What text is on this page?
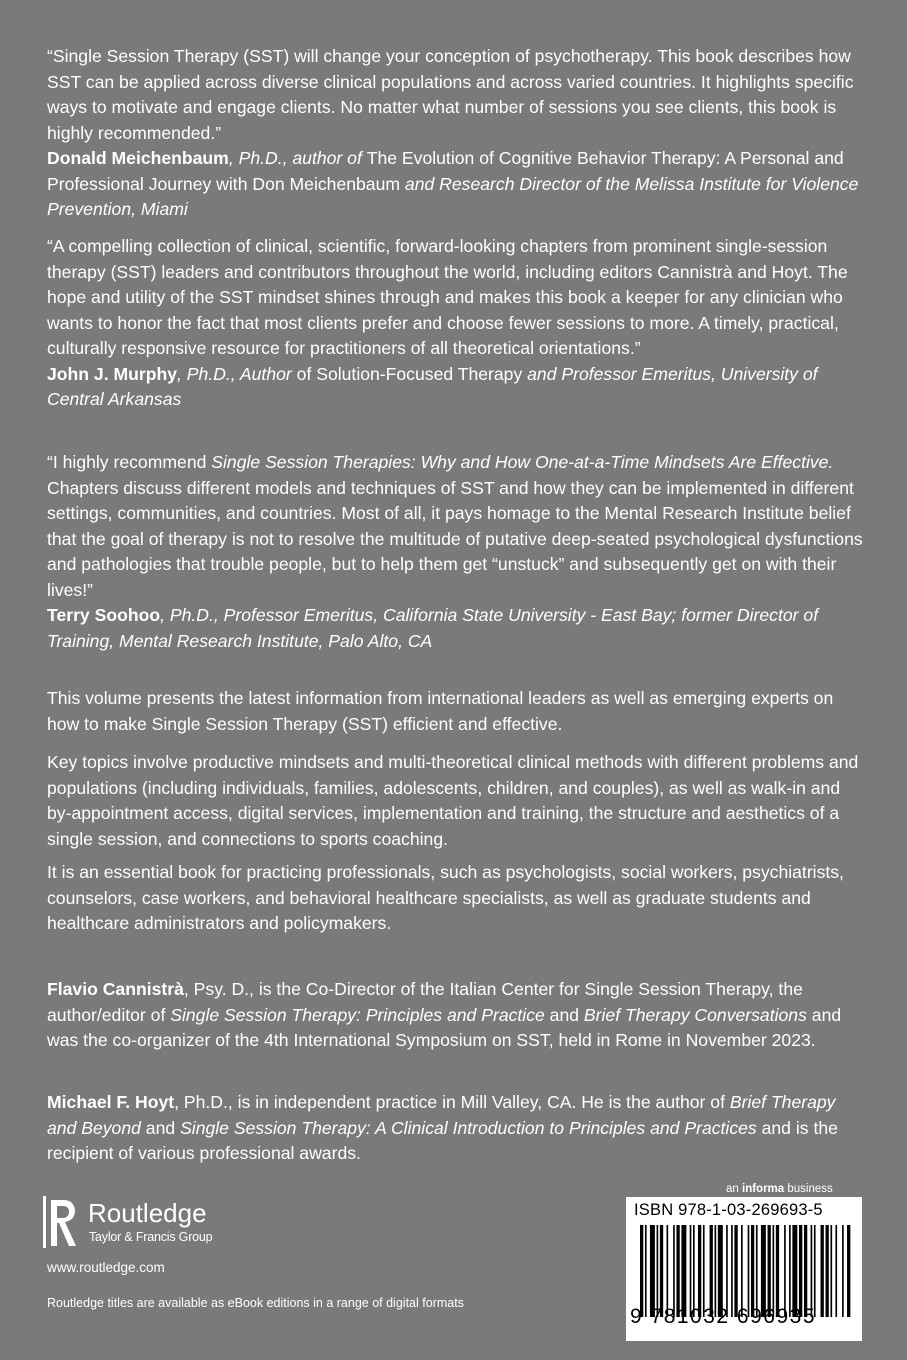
“Single Session Therapy (SST) will change your conception of psychotherapy. This book describes how SST can be applied across diverse clinical populations and across varied countries. It highlights specific ways to motivate and engage clients. No matter what number of sessions you see clients, this book is highly recommended.”

Donald Meichenbaum, Ph.D., author of The Evolution of Cognitive Behavior Therapy: A Personal and Professional Journey with Don Meichenbaum and Research Director of the Melissa Institute for Violence Prevention, Miami

“A compelling collection of clinical, scientific, forward-looking chapters from prominent single-session therapy (SST) leaders and contributors throughout the world, including editors Cannistrà and Hoyt. The hope and utility of the SST mindset shines through and makes this book a keeper for any clinician who wants to honor the fact that most clients prefer and choose fewer sessions to more. A timely, practical, culturally responsive resource for practitioners of all theoretical orientations.”

John J. Murphy, Ph.D., Author of Solution-Focused Therapy and Professor Emeritus, University of Central Arkansas

“I highly recommend Single Session Therapies: Why and How One-at-a-Time Mindsets Are Effective. Chapters discuss different models and techniques of SST and how they can be implemented in different settings, communities, and countries. Most of all, it pays homage to the Mental Research Institute belief that the goal of therapy is not to resolve the multitude of putative deep-seated psychological dysfunctions and pathologies that trouble people, but to help them get “unstuck” and subsequently get on with their lives!”

Terry Soohoo, Ph.D., Professor Emeritus, California State University - East Bay; former Director of Training, Mental Research Institute, Palo Alto, CA

This volume presents the latest information from international leaders as well as emerging experts on how to make Single Session Therapy (SST) efficient and effective.

Key topics involve productive mindsets and multi-theoretical clinical methods with different problems and populations (including individuals, families, adolescents, children, and couples), as well as walk-in and by-appointment access, digital services, implementation and training, the structure and aesthetics of a single session, and connections to sports coaching.

It is an essential book for practicing professionals, such as psychologists, social workers, psychiatrists, counselors, case workers, and behavioral healthcare specialists, as well as graduate students and healthcare administrators and policymakers.

Flavio Cannistrà, Psy. D., is the Co-Director of the Italian Center for Single Session Therapy, the author/editor of Single Session Therapy: Principles and Practice and Brief Therapy Conversations and was the co-organizer of the 4th International Symposium on SST, held in Rome in November 2023.

Michael F. Hoyt, Ph.D., is in independent practice in Mill Valley, CA. He is the author of Brief Therapy and Beyond and Single Session Therapy: A Clinical Introduction to Principles and Practices and is the recipient of various professional awards.

Routledge
Taylor & Francis Group
www.routledge.com
Routledge titles are available as eBook editions in a range of digital formats
an informa business
ISBN 978-1-03-269693-5
9 781032 696935
